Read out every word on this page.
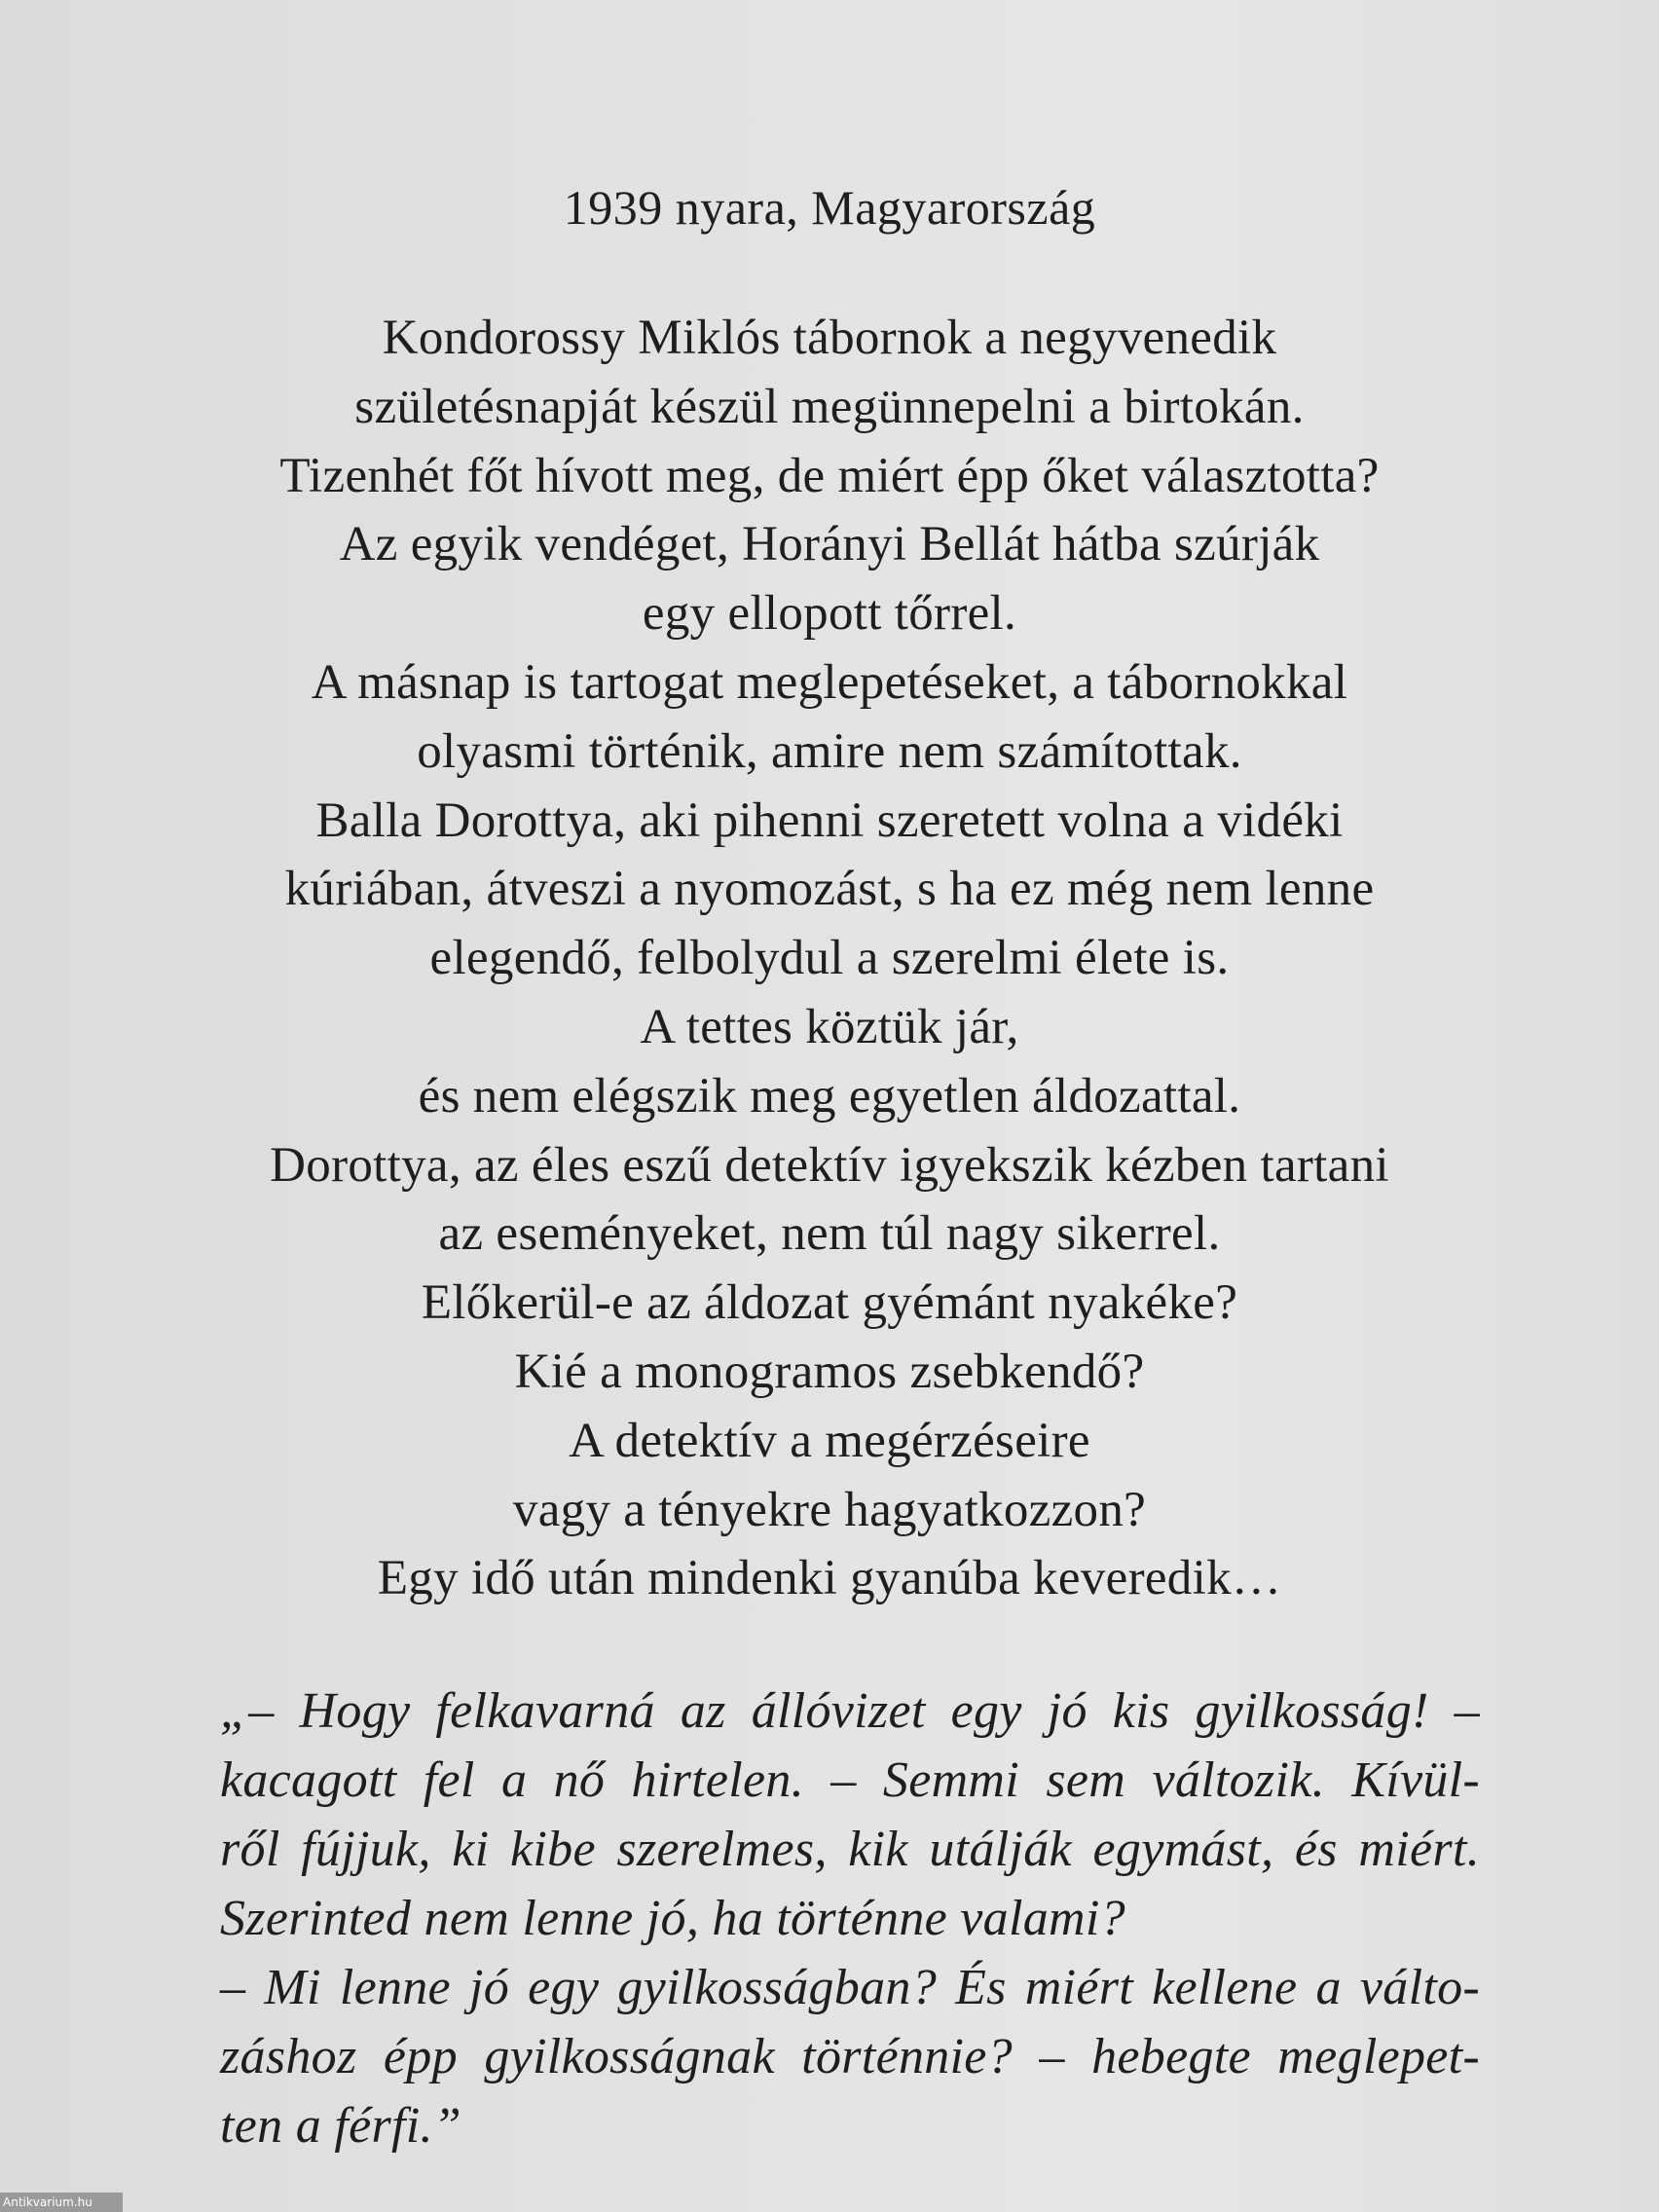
1939 nyara, Magyarország
Kondorossy Miklós tábornok a negyvenedik
születésnapját készül megünnepelni a birtokán.
Tizenhét főt hívott meg, de miért épp őket választotta?
Az egyik vendéget, Horányi Bellát hátba szúrják
egy ellopott tőrrel.
A másnap is tartogat meglepetéseket, a tábornokkal
olyasmi történik, amire nem számítottak.
Balla Dorottya, aki pihenni szeretett volna a vidéki
kúriában, átveszi a nyomozást, s ha ez még nem lenne
elegendő, felbolydul a szerelmi élete is.
A tettes köztük jár,
és nem elégszik meg egyetlen áldozattal.
Dorottya, az éles eszű detektív igyekszik kézben tartani
az eseményeket, nem túl nagy sikerrel.
Előkerül-e az áldozat gyémánt nyakéke?
Kié a monogramos zsebkendő?
A detektív a megérzéseire
vagy a tényekre hagyatkozzon?
Egy idő után mindenki gyanúba keveredik…
„– Hogy felkavarná az állóvizet egy jó kis gyilkosság! –
kacagott fel a nő hirtelen. – Semmi sem változik. Kívül-
ről fújjuk, ki kibe szerelmes, kik utálják egymást, és miért.
Szerinted nem lenne jó, ha történne valami?
– Mi lenne jó egy gyilkosságban? És miért kellene a válto-
záshoz épp gyilkosságnak történnie? – hebegte meglepet-
ten a férfi.”
Antikvarium.hu
